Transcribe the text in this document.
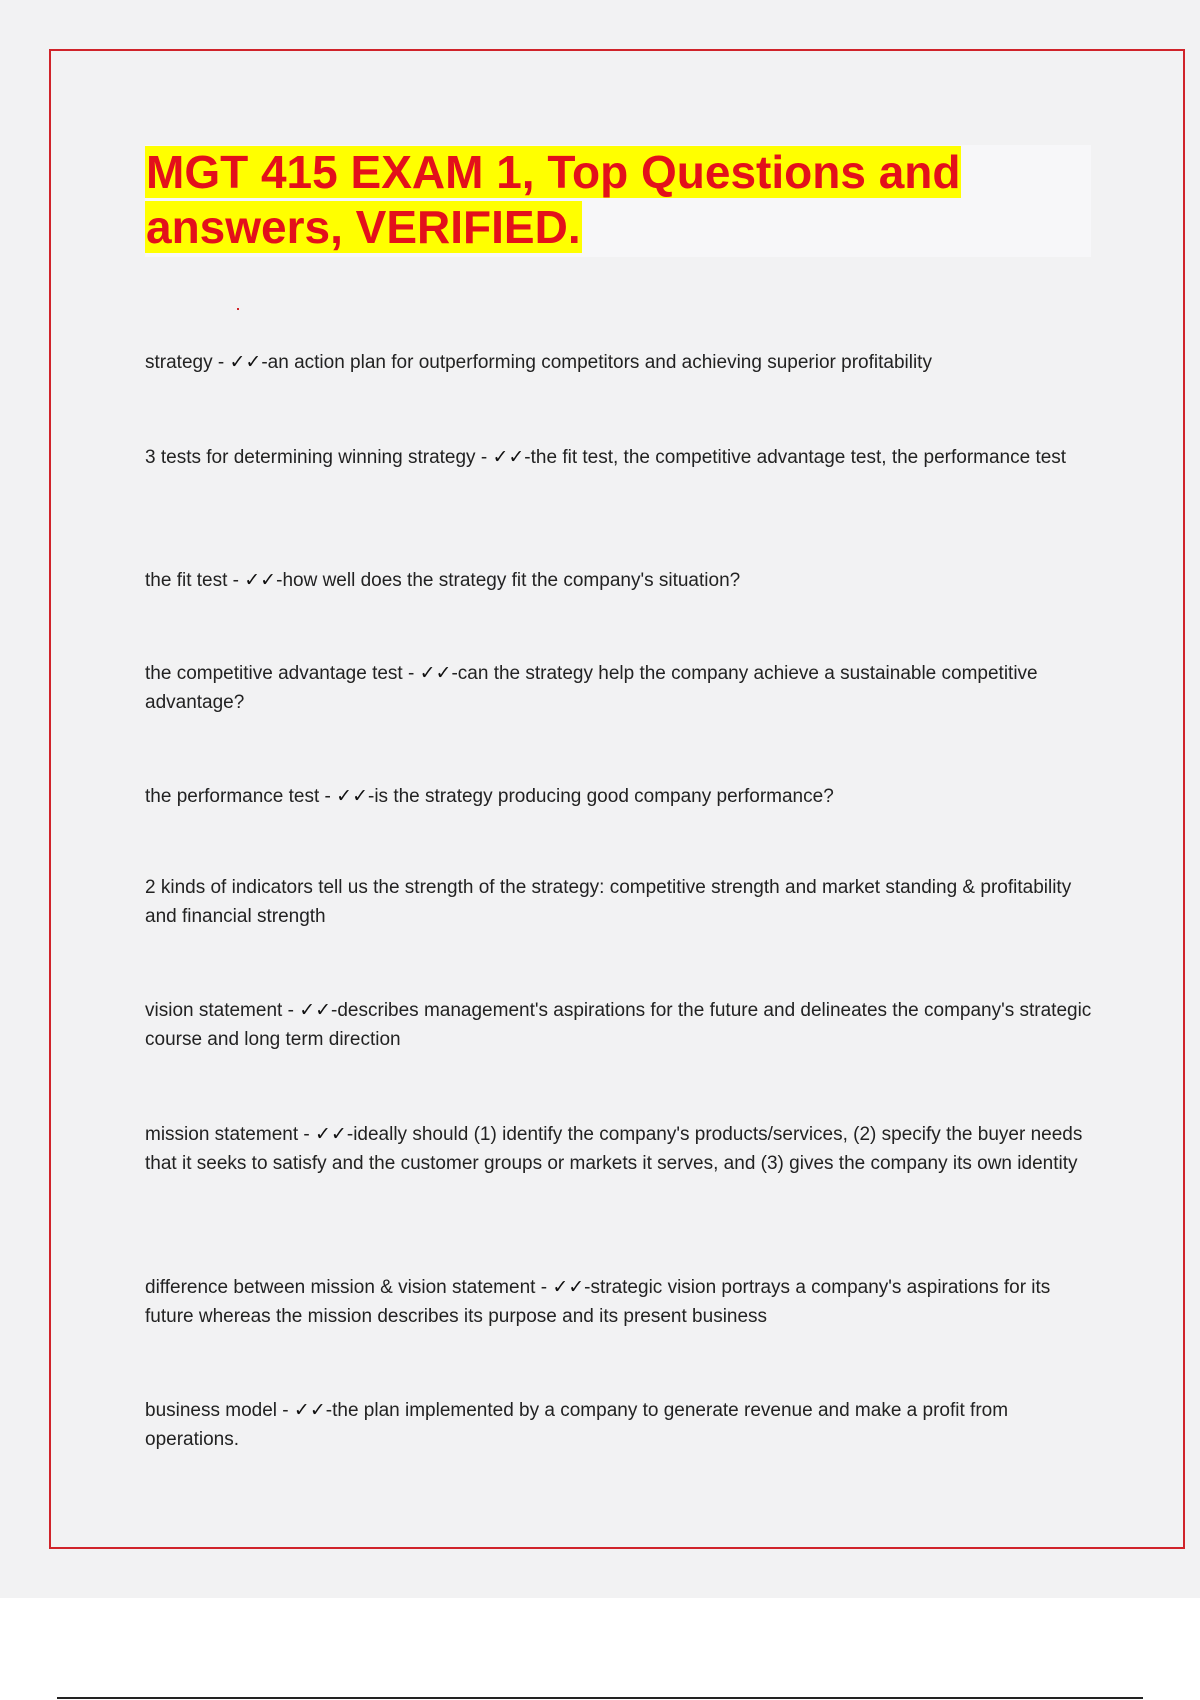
MGT 415 EXAM 1, Top Questions and
answers, VERIFIED.

strategy - ✓✓-an action plan for outperforming competitors and achieving superior profitability

3 tests for determining winning strategy - ✓✓-the fit test, the competitive advantage test, the performance test

the fit test - ✓✓-how well does the strategy fit the company's situation?

the competitive advantage test - ✓✓-can the strategy help the company achieve a sustainable competitive advantage?

the performance test - ✓✓-is the strategy producing good company performance?

2 kinds of indicators tell us the strength of the strategy: competitive strength and market standing & profitability and financial strength

vision statement - ✓✓-describes management's aspirations for the future and delineates the company's strategic course and long term direction

mission statement - ✓✓-ideally should (1) identify the company's products/services, (2) specify the buyer needs that it seeks to satisfy and the customer groups or markets it serves, and (3) gives the company its own identity

difference between mission & vision statement - ✓✓-strategic vision portrays a company's aspirations for its future whereas the mission describes its purpose and its present business

business model - ✓✓-the plan implemented by a company to generate revenue and make a profit from operations.
